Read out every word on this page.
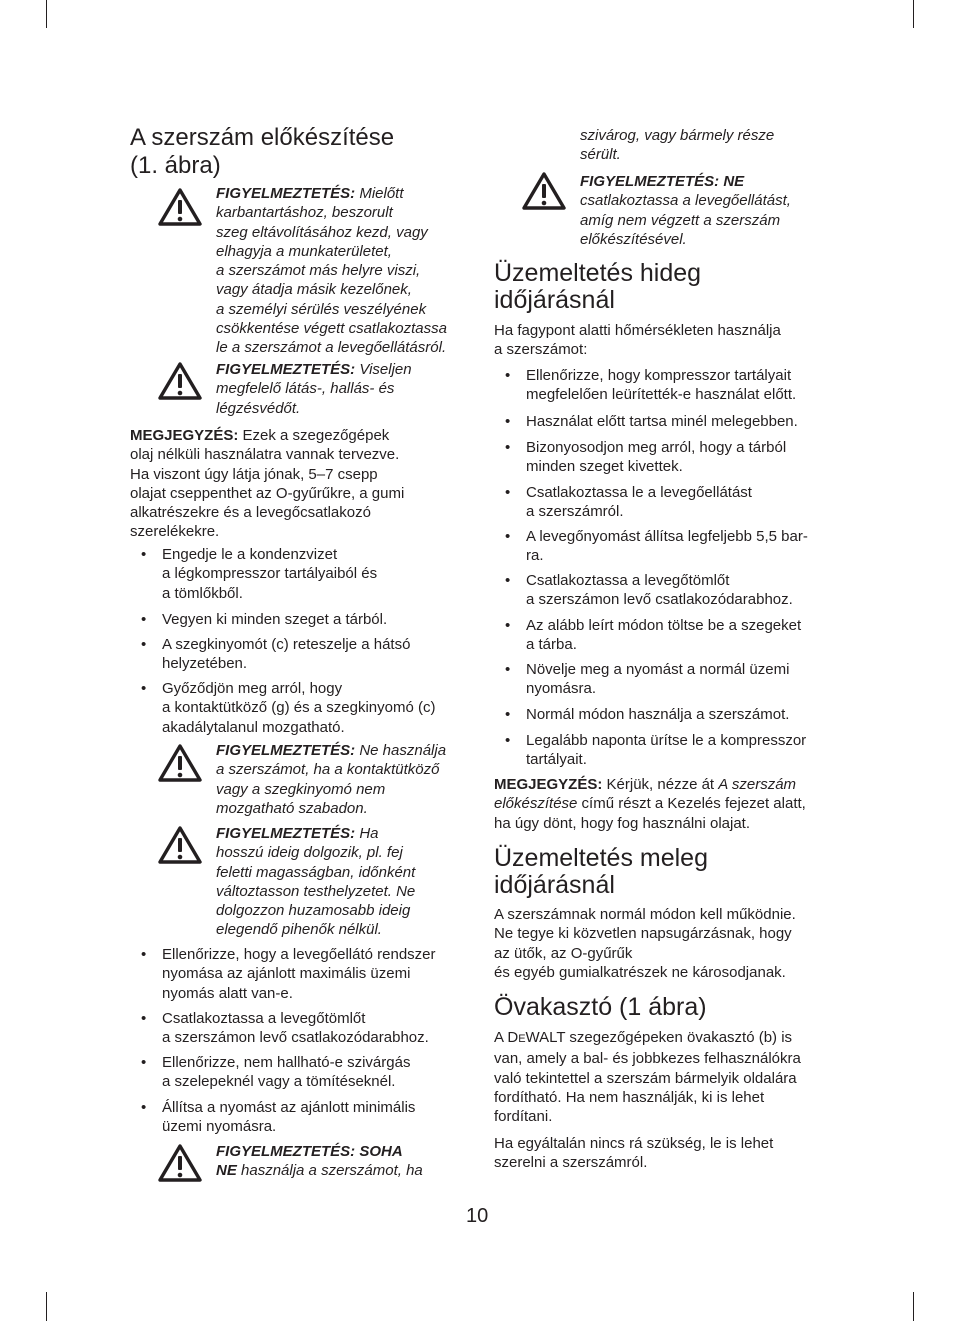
A szerszám előkészítése
(1. ábra)
FIGYELMEZTETÉS: Mielőtt
karbantartáshoz, beszorult
szeg eltávolításához kezd, vagy
elhagyja a munkaterületet,
a szerszámot más helyre viszi,
vagy átadja másik kezelőnek,
a személyi sérülés veszélyének
csökkentése végett csatlakoztassa
le a szerszámot a levegőellátásról.
FIGYELMEZTETÉS: Viseljen
megfelelő látás-, hallás- és
légzésvédőt.
MEGJEGYZÉS: Ezek a szegezőgépek
olaj nélküli használatra vannak tervezve.
Ha viszont úgy látja jónak, 5–7 csepp
olajat cseppenthet az O-gyűrűkre, a gumi
alkatrészekre és a levegőcsatlakozó
szerelékekre.
• Engedje le a kondenzvizet
a légkompresszor tartályaiból és
a tömlőkből.
• Vegyen ki minden szeget a tárból.
• A szegkinyomót (c) reteszelje a hátsó
helyzetében.
• Győződjön meg arról, hogy
a kontaktütköző (g) és a szegkinyomó (c)
akadálytalanul mozgatható.
FIGYELMEZTETÉS: Ne használja
a szerszámot, ha a kontaktütköző
vagy a szegkinyomó nem
mozgatható szabadon.
FIGYELMEZTETÉS: Ha
hosszú ideig dolgozik, pl. fej
feletti magasságban, időnként
változtasson testhelyzetet. Ne
dolgozzon huzamosabb ideig
elegendő pihenők nélkül.
• Ellenőrizze, hogy a levegőellátó rendszer
nyomása az ajánlott maximális üzemi
nyomás alatt van-e.
• Csatlakoztassa a levegőtömlőt
a szerszámon levő csatlakozódarabhoz.
• Ellenőrizze, nem hallható-e szivárgás
a szelepeknél vagy a tömítéseknél.
• Állítsa a nyomást az ajánlott minimális
üzemi nyomásra.
FIGYELMEZTETÉS: SOHA
NE használja a szerszámot, ha
szivárog, vagy bármely része
sérült.
FIGYELMEZTETÉS: NE
csatlakoztassa a levegőellátást,
amíg nem végzett a szerszám
előkészítésével.
Üzemeltetés hideg
időjárásnál
Ha fagypont alatti hőmérsékleten használja
a szerszámot:
• Ellenőrizze, hogy kompresszor tartályait
megfelelően leürítették-e használat előtt.
• Használat előtt tartsa minél melegebben.
• Bizonyosodjon meg arról, hogy a tárból
minden szeget kivettek.
• Csatlakoztassa le a levegőellátást
a szerszámról.
• A levegőnyomást állítsa legfeljebb 5,5 bar-
ra.
• Csatlakoztassa a levegőtömlőt
a szerszámon levő csatlakozódarabhoz.
• Az alább leírt módon töltse be a szegeket
a tárba.
• Növelje meg a nyomást a normál üzemi
nyomásra.
• Normál módon használja a szerszámot.
• Legalább naponta ürítse le a kompresszor
tartályait.
MEGJEGYZÉS: Kérjük, nézze át A szerszám
előkészítése című részt a Kezelés fejezet alatt,
ha úgy dönt, hogy fog használni olajat.
Üzemeltetés meleg
időjárásnál
A szerszámnak normál módon kell működnie.
Ne tegye ki közvetlen napsugárzásnak, hogy
az ütők, az O-gyűrűk
és egyéb gumialkatrészek ne károsodjanak.
Övakasztó (1 ábra)
A DEWALT szegezőgépeken övakasztó (b) is
van, amely a bal- és jobbkezes felhasználókra
való tekintettel a szerszám bármelyik oldalára
fordítható. Ha nem használják, ki is lehet
fordítani.
Ha egyáltalán nincs rá szükség, le is lehet
szerelni a szerszámról.
10
